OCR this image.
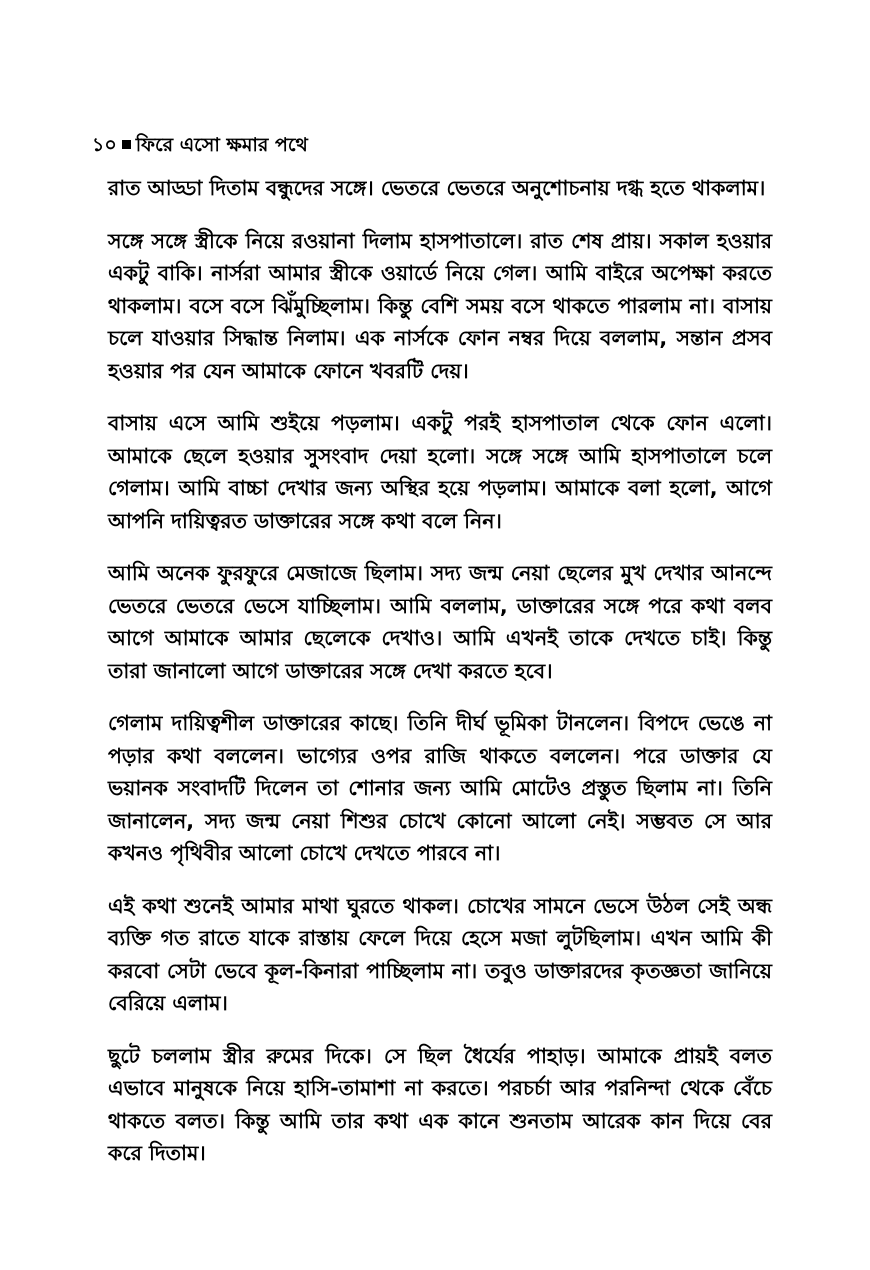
১০ ফিরে এসো ক্ষমার পথে

রাত আড্ডা দিতাম বন্ধুদের সঙ্গে। ভেতরে ভেতরে অনুশোচনায় দগ্ধ হতে থাকলাম।

সঙ্গে সঙ্গে স্ত্রীকে নিয়ে রওয়ানা দিলাম হাসপাতালে। রাত শেষ প্রায়। সকাল হওয়ার একটু বাকি। নার্সরা আমার স্ত্রীকে ওয়ার্ডে নিয়ে গেল। আমি বাইরে অপেক্ষা করতে থাকলাম। বসে বসে ঝিঁমুচ্ছিলাম। কিন্তু বেশি সময় বসে থাকতে পারলাম না। বাসায় চলে যাওয়ার সিদ্ধান্ত নিলাম। এক নার্সকে ফোন নম্বর দিয়ে বললাম, সন্তান প্রসব হওয়ার পর যেন আমাকে ফোনে খবরটি দেয়।

বাসায় এসে আমি শুইয়ে পড়লাম। একটু পরই হাসপাতাল থেকে ফোন এলো। আমাকে ছেলে হওয়ার সুসংবাদ দেয়া হলো। সঙ্গে সঙ্গে আমি হাসপাতালে চলে গেলাম। আমি বাচ্চা দেখার জন্য অস্থির হয়ে পড়লাম। আমাকে বলা হলো, আগে আপনি দায়িত্বরত ডাক্তারের সঙ্গে কথা বলে নিন।

আমি অনেক ফুরফুরে মেজাজে ছিলাম। সদ্য জন্ম নেয়া ছেলের মুখ দেখার আনন্দে ভেতরে ভেতরে ভেসে যাচ্ছিলাম। আমি বললাম, ডাক্তারের সঙ্গে পরে কথা বলব আগে আমাকে আমার ছেলেকে দেখাও। আমি এখনই তাকে দেখতে চাই। কিন্তু তারা জানালো আগে ডাক্তারের সঙ্গে দেখা করতে হবে।

গেলাম দায়িত্বশীল ডাক্তারের কাছে। তিনি দীর্ঘ ভূমিকা টানলেন। বিপদে ভেঙে না পড়ার কথা বললেন। ভাগ্যের ওপর রাজি থাকতে বললেন। পরে ডাক্তার যে ভয়ানক সংবাদটি দিলেন তা শোনার জন্য আমি মোটেও প্রস্তুত ছিলাম না। তিনি জানালেন, সদ্য জন্ম নেয়া শিশুর চোখে কোনো আলো নেই। সম্ভবত সে আর কখনও পৃথিবীর আলো চোখে দেখতে পারবে না।

এই কথা শুনেই আমার মাথা ঘুরতে থাকল। চোখের সামনে ভেসে উঠল সেই অন্ধ ব্যক্তি গত রাতে যাকে রাস্তায় ফেলে দিয়ে হেসে মজা লুটছিলাম। এখন আমি কী করবো সেটা ভেবে কূল-কিনারা পাচ্ছিলাম না। তবুও ডাক্তারদের কৃতজ্ঞতা জানিয়ে বেরিয়ে এলাম।

ছুটে চললাম স্ত্রীর রুমের দিকে। সে ছিল ধৈর্যের পাহাড়। আমাকে প্রায়ই বলত এভাবে মানুষকে নিয়ে হাসি-তামাশা না করতে। পরচর্চা আর পরনিন্দা থেকে বেঁচে থাকতে বলত। কিন্তু আমি তার কথা এক কানে শুনতাম আরেক কান দিয়ে বের করে দিতাম।
